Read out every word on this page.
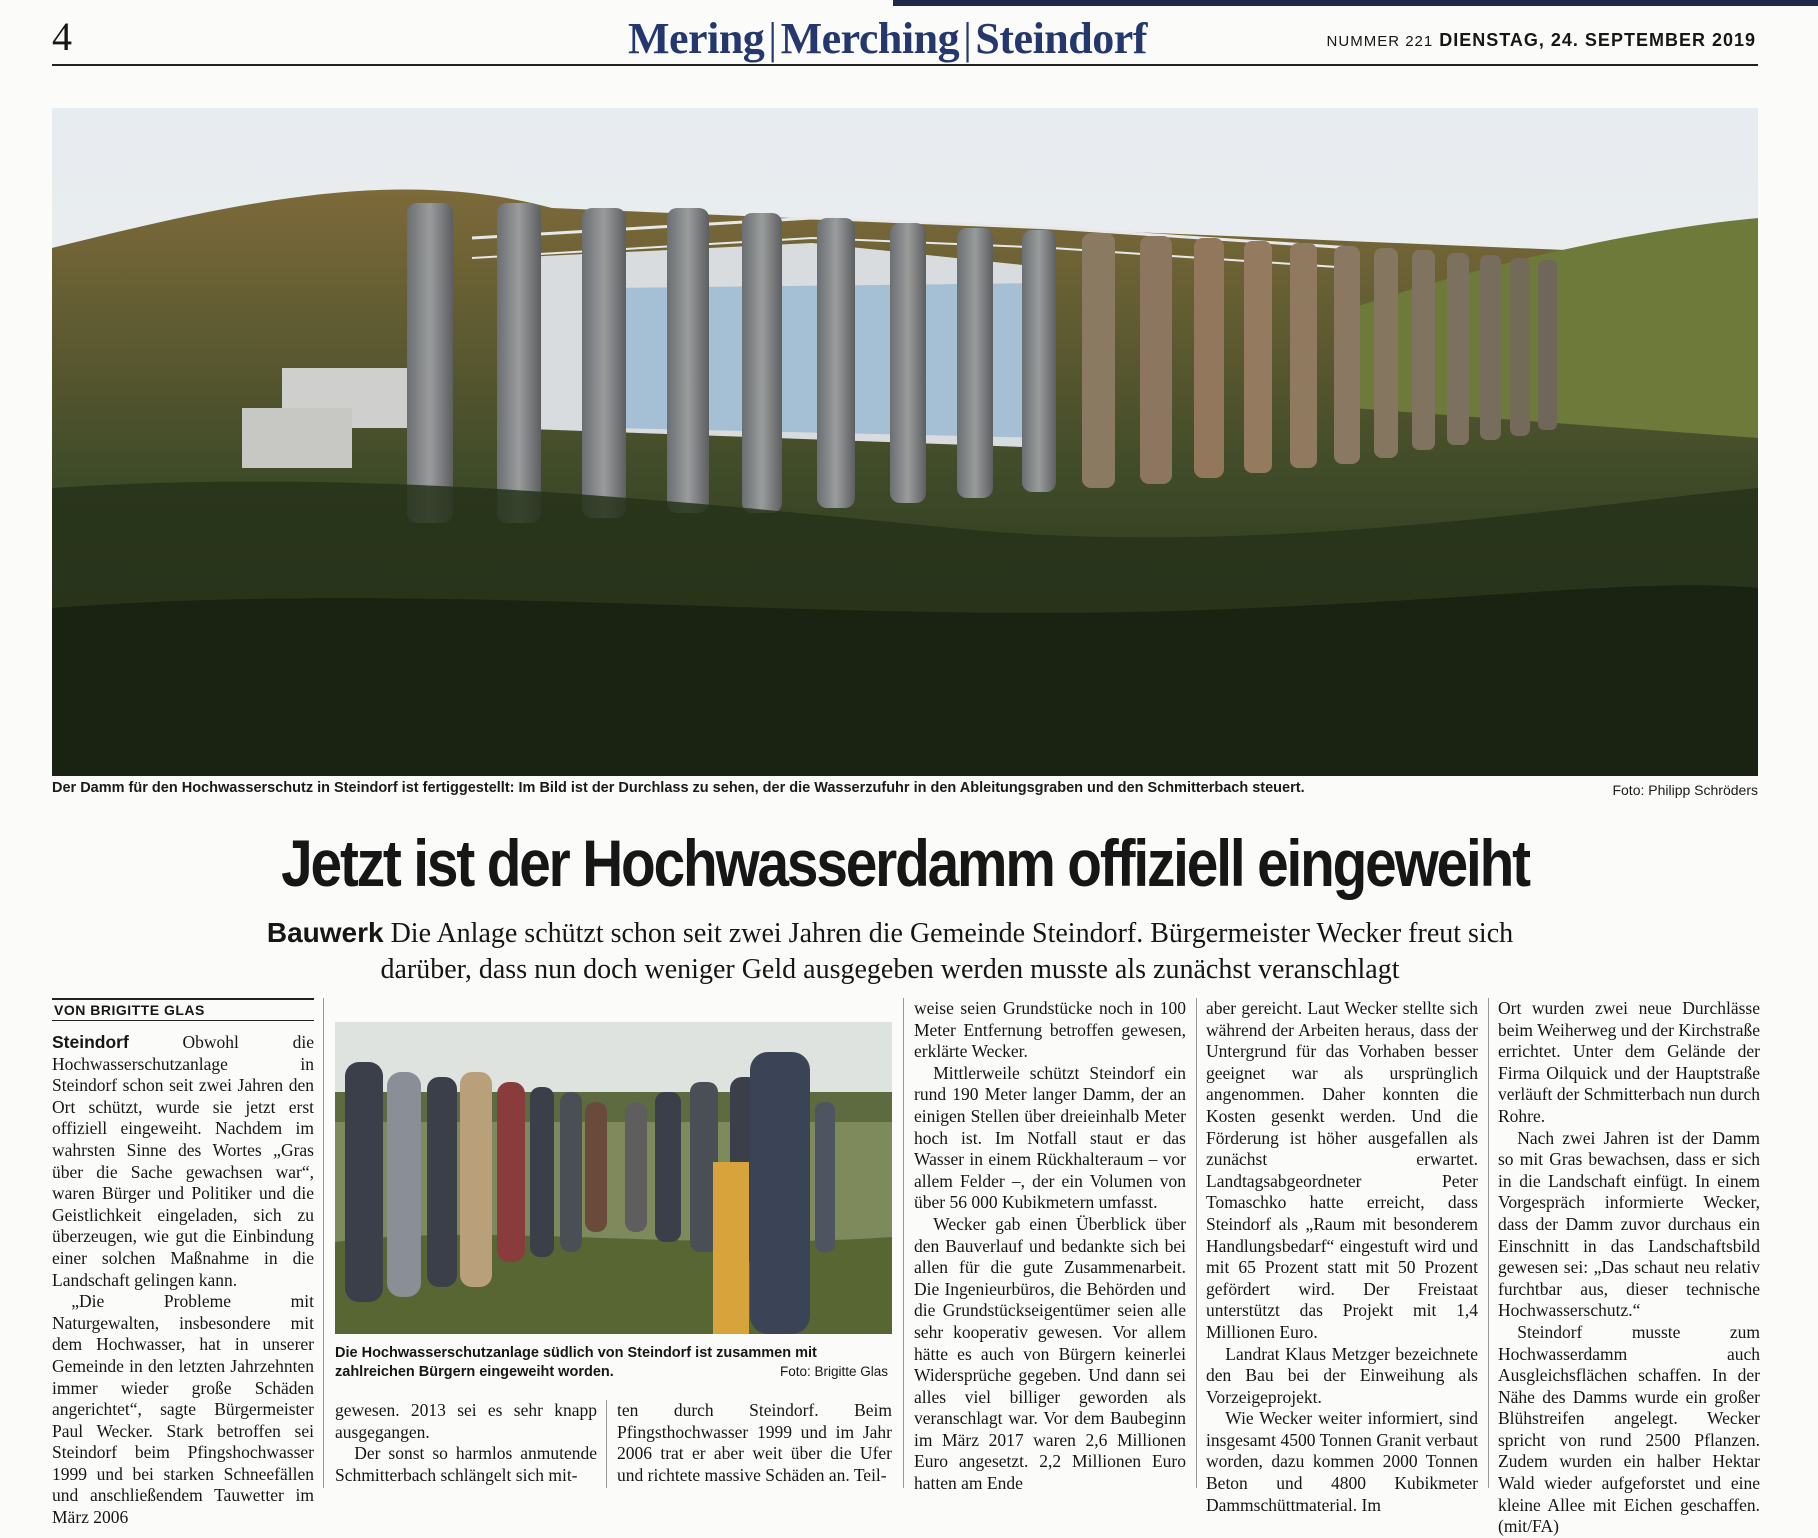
4	Mering|Merching|Steindorf	NUMMER 221 DIENSTAG, 24. SEPTEMBER 2019
Der Damm für den Hochwasserschutz in Steindorf ist fertiggestellt: Im Bild ist der Durchlass zu sehen, der die Wasserzufuhr in den Ableitungsgraben und den Schmitterbach steuert.	Foto: Philipp Schröders
Jetzt ist der Hochwasserdamm offiziell eingeweiht
Bauwerk Die Anlage schützt schon seit zwei Jahren die Gemeinde Steindorf. Bürgermeister Wecker freut sich darüber, dass nun doch weniger Geld ausgegeben werden musste als zunächst veranschlagt
VON BRIGITTE GLAS

Steindorf	Obwohl die Hochwasserschutzanlage in Steindorf schon seit zwei Jahren den Ort schützt, wurde sie jetzt erst offiziell eingeweiht. Nachdem im wahrsten Sinne des Wortes „Gras über die Sache gewachsen war“, waren Bürger und Politiker und die Geistlichkeit eingeladen, sich zu überzeugen, wie gut die Einbindung einer solchen Maßnahme in die Landschaft gelingen kann.

„Die Probleme mit Naturgewalten, insbesondere mit dem Hochwasser, hat in unserer Gemeinde in den letzten Jahrzehnten immer wieder große Schäden angerichtet“, sagte Bürgermeister Paul Wecker. Stark betroffen sei Steindorf beim Pfingshochwasser 1999 und bei starken Schneefällen und anschließendem Tauwetter im März 2006

Die Hochwasserschutzanlage südlich von Steindorf ist zusammen mit zahlreichen Bürgern eingeweiht worden.	Foto: Brigitte Glas

gewesen. 2013 sei es sehr knapp ausgegangen.

Der sonst so harmlos anmutende Schmitterbach schlängelt sich mit-

ten durch Steindorf. Beim Pfingsthochwasser 1999 und im Jahr 2006 trat er aber weit über die Ufer und richtete massive Schäden an. Teil-

weise seien Grundstücke noch in 100 Meter Entfernung betroffen gewesen, erklärte Wecker.

Mittlerweile schützt Steindorf ein rund 190 Meter langer Damm, der an einigen Stellen über dreieinhalb Meter hoch ist. Im Notfall staut er das Wasser in einem Rückhalteraum – vor allem Felder –, der ein Volumen von über 56 000 Kubikmetern umfasst.

Wecker gab einen Überblick über den Bauverlauf und bedankte sich bei allen für die gute Zusammenarbeit. Die Ingenieurbüros, die Behörden und die Grundstückseigentümer seien alle sehr kooperativ gewesen. Vor allem hätte es auch von Bürgern keinerlei Widersprüche gegeben. Und dann sei alles viel billiger geworden als veranschlagt war. Vor dem Baubeginn im März 2017 waren 2,6 Millionen Euro angesetzt. 2,2 Millionen Euro hatten am Ende

aber gereicht. Laut Wecker stellte sich während der Arbeiten heraus, dass der Untergrund für das Vorhaben besser geeignet war als ursprünglich angenommen. Daher konnten die Kosten gesenkt werden. Und die Förderung ist höher ausgefallen als zunächst erwartet. Landtagsabgeordneter Peter Tomaschko hatte erreicht, dass Steindorf als „Raum mit besonderem Handlungsbedarf“ eingestuft wird und mit 65 Prozent statt mit 50 Prozent gefördert wird. Der Freistaat unterstützt das Projekt mit 1,4 Millionen Euro.

Landrat Klaus Metzger bezeichnete den Bau bei der Einweihung als Vorzeigeprojekt.

Wie Wecker weiter informiert, sind insgesamt 4500 Tonnen Granit verbaut worden, dazu kommen 2000 Tonnen Beton und 4800 Kubikmeter Dammschüttmaterial. Im

Ort wurden zwei neue Durchlässe beim Weiherweg und der Kirchstraße errichtet. Unter dem Gelände der Firma Oilquick und der Hauptstraße verläuft der Schmitterbach nun durch Rohre.

Nach zwei Jahren ist der Damm so mit Gras bewachsen, dass er sich in die Landschaft einfügt. In einem Vorgespräch informierte Wecker, dass der Damm zuvor durchaus ein Einschnitt in das Landschaftsbild gewesen sei: „Das schaut neu relativ furchtbar aus, dieser technische Hochwasserschutz.“

Steindorf musste zum Hochwasserdamm auch Ausgleichsflächen schaffen. In der Nähe des Damms wurde ein großer Blühstreifen angelegt. Wecker spricht von rund 2500 Pflanzen. Zudem wurden ein halber Hektar Wald wieder aufgeforstet und eine kleine Allee mit Eichen geschaffen. (mit/FA)
